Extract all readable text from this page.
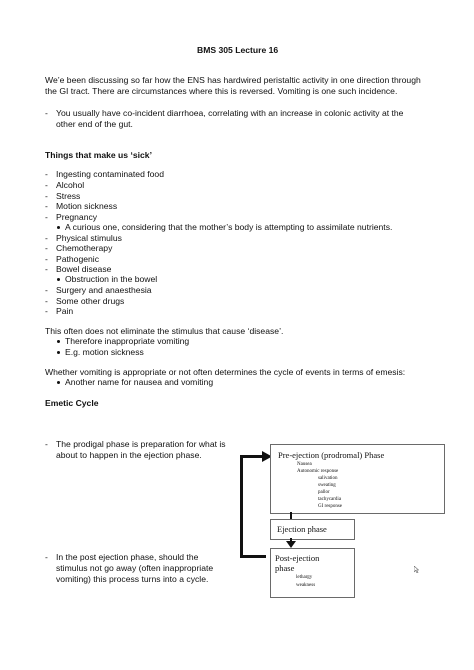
BMS 305 Lecture 16
We’e been discussing so far how the ENS has hardwired peristaltic activity in one direction through
the GI tract. There are circumstances where this is reversed. Vomiting is one such incidence.
- You usually have co-incident diarrhoea, correlating with an increase in colonic activity at the
other end of the gut.
Things that make us ‘sick’
- Ingesting contaminated food
- Alcohol
- Stress
- Motion sickness
- Pregnancy
A curious one, considering that the mother’s body is attempting to assimilate nutrients.
- Physical stimulus
- Chemotherapy
- Pathogenic
- Bowel disease
Obstruction in the bowel
- Surgery and anaesthesia
- Some other drugs
- Pain
This often does not eliminate the stimulus that cause ‘disease’.
Therefore inappropriate vomiting
E.g. motion sickness
Whether vomiting is appropriate or not often determines the cycle of events in terms of emesis:
Another name for nausea and vomiting
Emetic Cycle
- The prodigal phase is preparation for what is
about to happen in the ejection phase.
- In the post ejection phase, should the
stimulus not go away (often inappropriate
vomiting) this process turns into a cycle.
Pre-ejection (prodromal) Phase
Nausea
Autonomic response
salivation
sweating
pallor
tachycardia
GI response
Ejection phase
Post-ejection
phase
lethargy
weakness
